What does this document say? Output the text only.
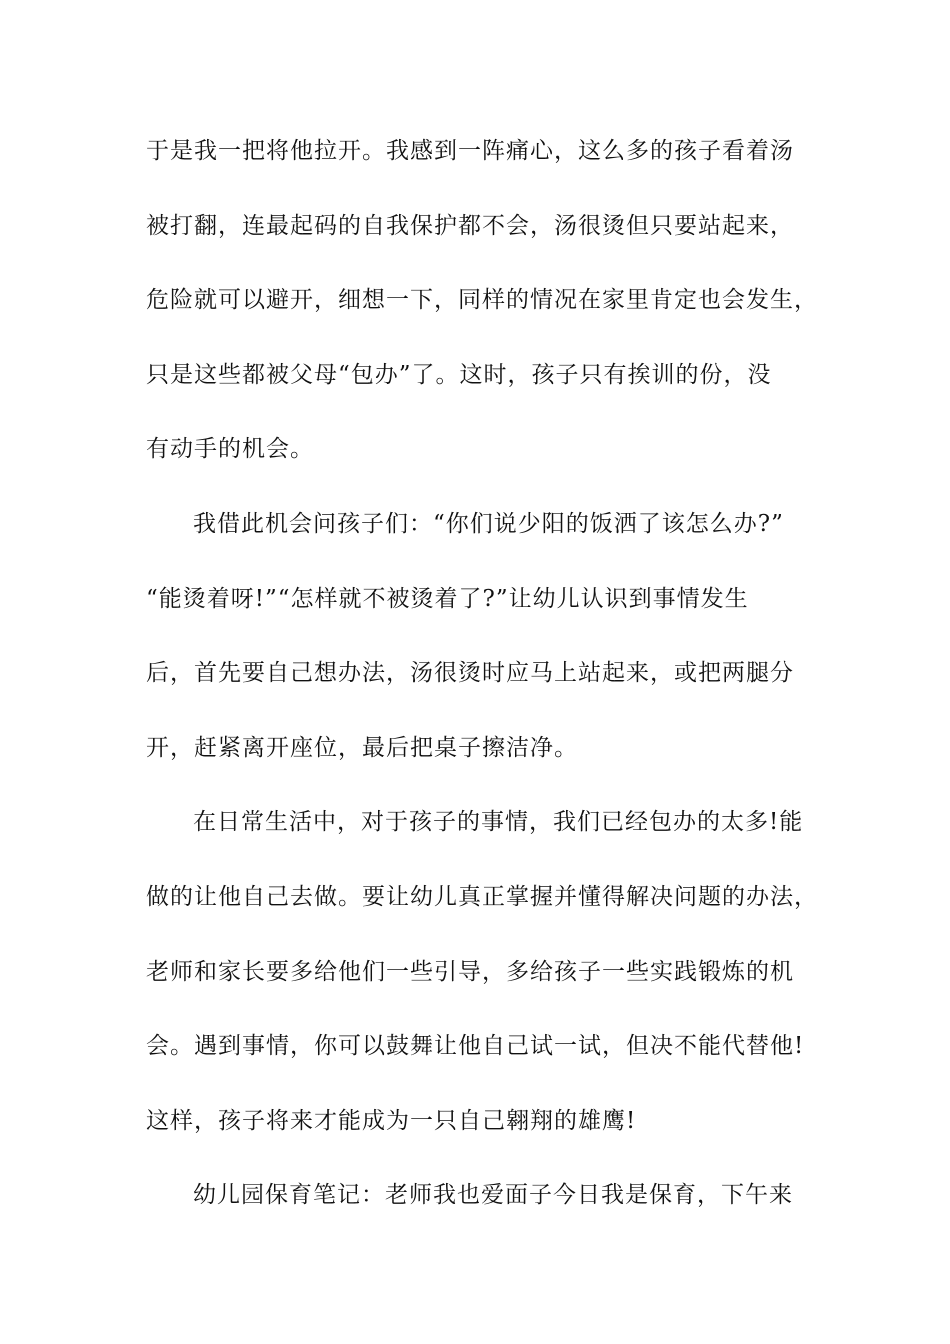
于是我一把将他拉开。我感到一阵痛心，这么多的孩子看着汤
被打翻，连最起码的自我保护都不会，汤很烫但只要站起来，
危险就可以避开，细想一下，同样的情况在家里肯定也会发生，
只是这些都被父母“包办”了。这时，孩子只有挨训的份，没
有动手的机会。
我借此机会问孩子们：“你们说少阳的饭洒了该怎么办?”
“能烫着呀!”“怎样就不被烫着了?”让幼儿认识到事情发生
后，首先要自己想办法，汤很烫时应马上站起来，或把两腿分
开，赶紧离开座位，最后把桌子擦洁净。
在日常生活中，对于孩子的事情，我们已经包办的太多!能
做的让他自己去做。要让幼儿真正掌握并懂得解决问题的办法，
老师和家长要多给他们一些引导，多给孩子一些实践锻炼的机
会。遇到事情，你可以鼓舞让他自己试一试，但决不能代替他!
这样，孩子将来才能成为一只自己翱翔的雄鹰!
幼儿园保育笔记：老师我也爱面子今日我是保育，下午来
